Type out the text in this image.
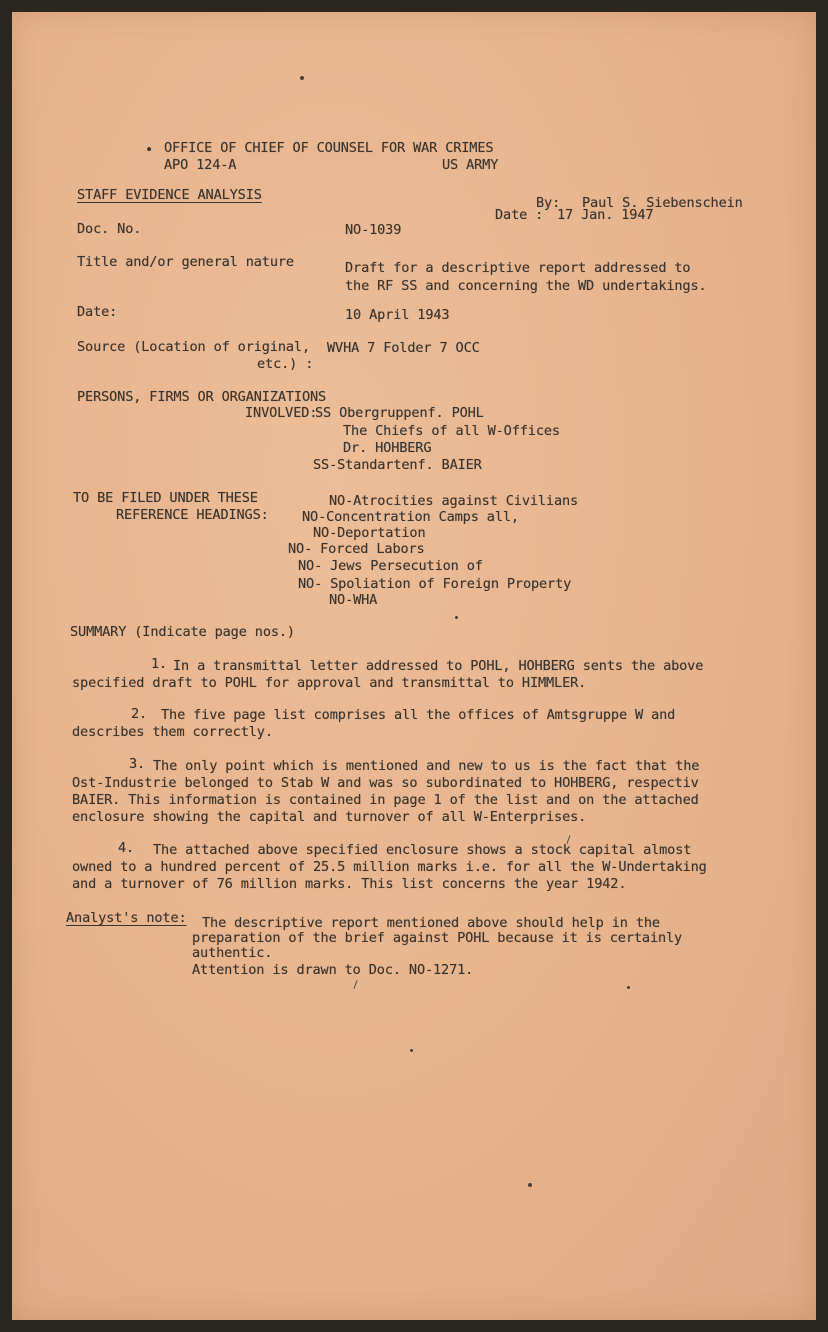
• OFFICE OF CHIEF OF COUNSEL FOR WAR CRIMES
APO 124-A	US ARMY
STAFF EVIDENCE ANALYSIS	By: Paul S. Siebenschein
Date : 17 Jan. 1947
Doc. No.	NO-1039
Title and/or general nature	Draft for a descriptive report addressed to
the RF SS and concerning the WD undertakings.
Date:	10 April 1943
Source (Location of original,
etc.) :
WVHA 7 Folder 7 OCC
PERSONS, FIRMS OR ORGANIZATIONS
INVOLVED:
SS Obergruppenf. POHL
The Chiefs of all W-Offices
Dr. HOHBERG
SS-Standartenf. BAIER
TO BE FILED UNDER THESE
REFERENCE HEADINGS:
NO-Atrocities against Civilians
NO-Concentration Camps all,
NO-Deportation
NO- Forced Labors
NO- Jews Persecution of
NO- Spoliation of Foreign Property
NO-WHA
SUMMARY (Indicate page nos.)
1. In a transmittal letter addressed to POHL, HOHBERG sents the above
specified draft to POHL for approval and transmittal to HIMMLER.
2. The five page list comprises all the offices of Amtsgruppe W and
describes them correctly.
3. The only point which is mentioned and new to us is the fact that the
Ost-Industrie belonged to Stab W and was so subordinated to HOHBERG, respectiv
BAIER. This information is contained in page 1 of the list and on the attached
enclosure showing the capital and turnover of all W-Enterprises.
4. The attached above specified enclosure shows a stock capital almost
owned to a hundred percent of 25.5 million marks i.e. for all the W-Undertaking
and a turnover of 76 million marks. This list concerns the year 1942.
Analyst's note: The descriptive report mentioned above should help in the
preparation of the brief against POHL because it is certainly
authentic.
Attention is drawn to Doc. NO-1271.
